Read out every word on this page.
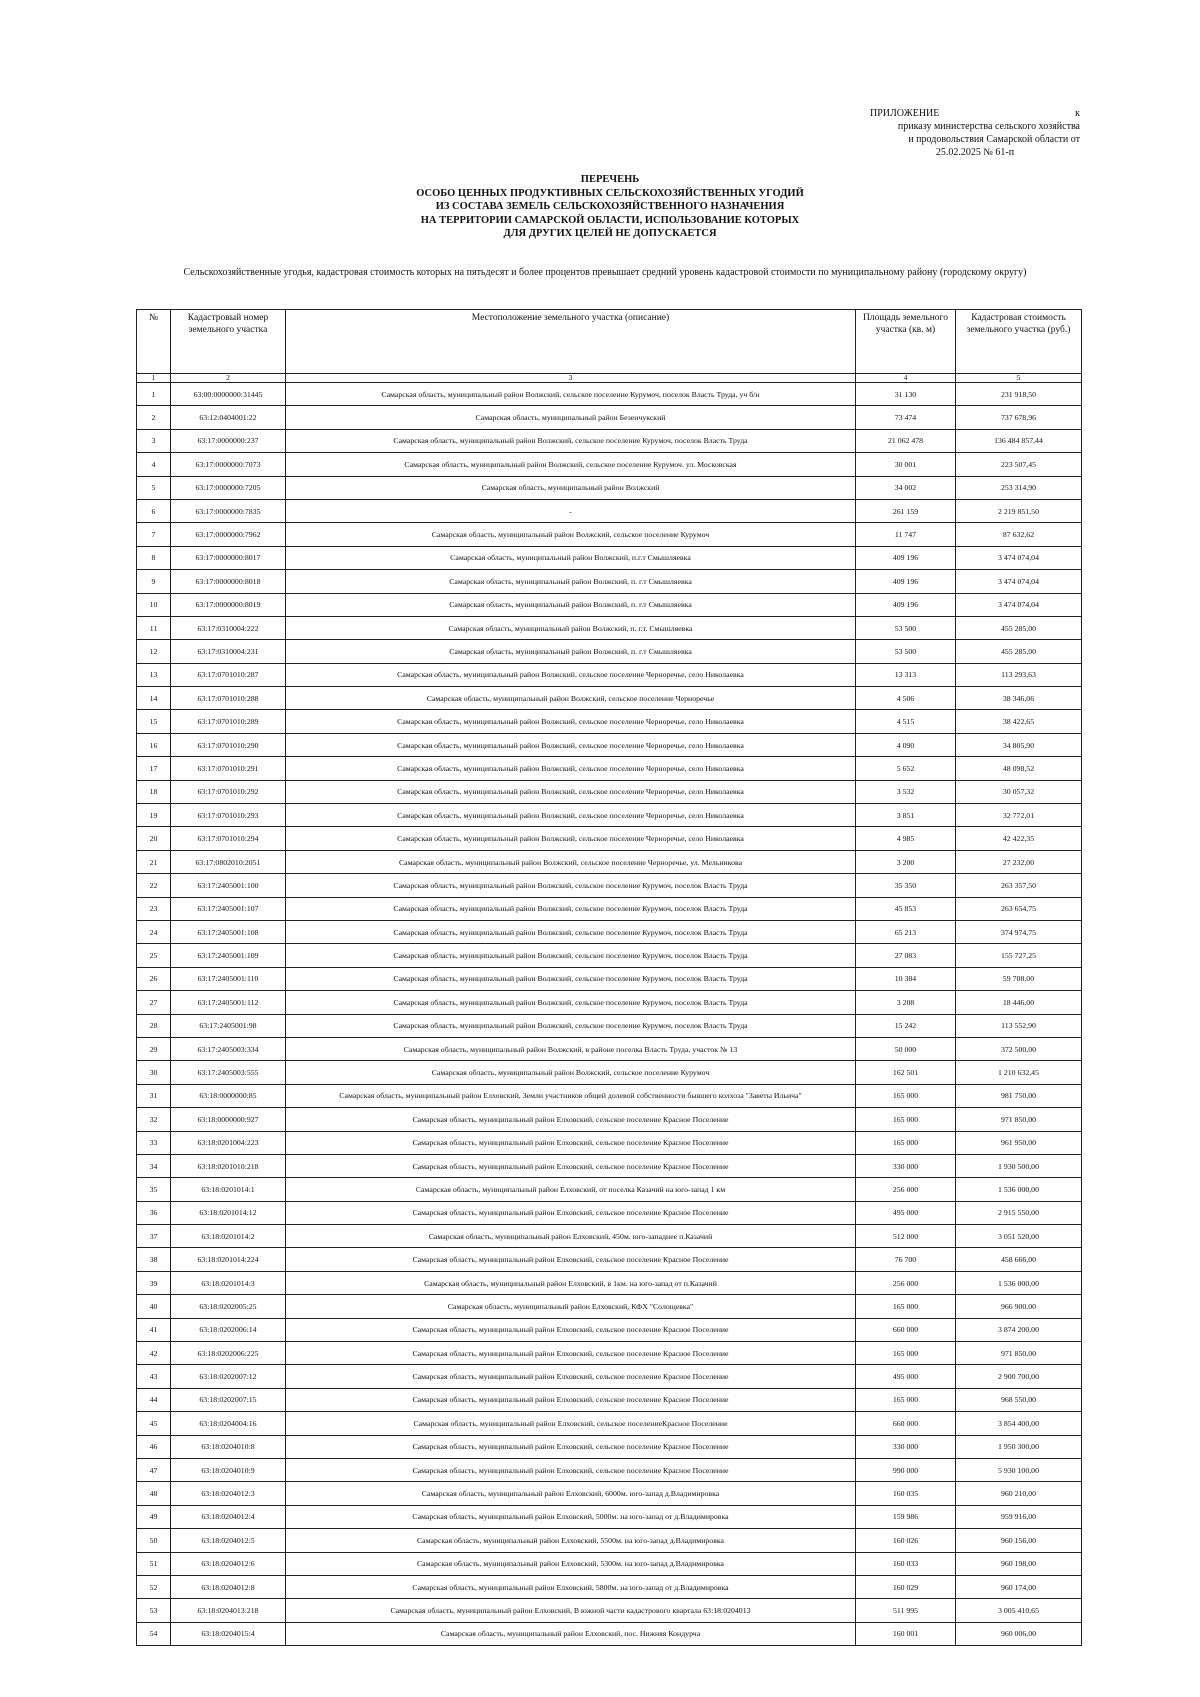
ПРИЛОЖЕНИЕ	к
приказу министерства сельского хозяйства
и продовольствия Самарской области от
25.02.2025 № 61-п
ПЕРЕЧЕНЬ
ОСОБО ЦЕННЫХ ПРОДУКТИВНЫХ СЕЛЬСКОХОЗЯЙСТВЕННЫХ УГОДИЙ
ИЗ СОСТАВА ЗЕМЕЛЬ СЕЛЬСКОХОЗЯЙСТВЕННОГО НАЗНАЧЕНИЯ
НА ТЕРРИТОРИИ САМАРСКОЙ ОБЛАСТИ, ИСПОЛЬЗОВАНИЕ КОТОРЫХ
ДЛЯ ДРУГИХ ЦЕЛЕЙ НЕ ДОПУСКАЕТСЯ
Сельскохозяйственные угодья, кадастровая стоимость которых на пятьдесят и более процентов превышает средний уровень кадастровой стоимости по муниципальному району (городскому округу)
№	Кадастровый номер земельного участка	Местоположение земельного участка (описание)	Площадь земельного участка (кв. м)	Кадастровая стоимость земельного участка (руб.)
1	2	3	4	5
1	63:00:0000000:31445	Самарская область, муниципальный район Волжский, сельское поселение Курумоч, поселок Власть Труда, уч б/н	31 130	231 918,50
2	63:12:0404001:22	Самарская область, муниципальный район Безенчукский	73 474	737 678,96
3	63:17:0000000:237	Самарская область, муниципальный район Волжский, сельское поселение Курумоч, поселок Власть Труда	21 062 478	136 484 857,44
4	63:17:0000000:7073	Самарская область, муниципальный район Волжский, сельское поселение Курумоч. ул. Московская	30 001	223 507,45
5	63:17:0000000:7205	Самарская область, муниципальный район Волжский	34 002	253 314,90
6	63:17:0000000:7835	-	261 159	2 219 851,50
7	63:17:0000000:7962	Самарская область, муниципальный район Волжский, сельское поселение Курумоч	11 747	87 632,62
8	63:17:0000000:8017	Самарская область, муниципальный район Волжский, п.г.т Смышляевка	409 196	3 474 074,04
9	63:17:0000000:8018	Самарская область, муниципальный район Волжский, п. г.т Смышляевка	409 196	3 474 074,04
10	63:17:0000000:8019	Самарская область, муниципальный район Волжский, п. г.т Смышляевка	409 196	3 474 074,04
11	63:17:0310004:222	Самарская область, муниципальный район Волжский, п. г.т. Смышляевка	53 500	455 285,00
12	63:17:0310004:231	Самарская область, муниципальный район Волжский, п. г.т Смышляевка	53 500	455 285,00
13	63:17:0701010:287	Самарская область, муниципальный район Волжский, сельское поселение Черноречье, село Николаевка	13 313	113 293,63
14	63:17:0701010:288	Самарская область, муниципальный район Волжский, сельское поселение Черноречье	4 506	38 346,06
15	63:17:0701010:289	Самарская область, муниципальный район Волжский, сельское поселение Черноречье, село Николаевка	4 515	38 422,65
16	63:17:0701010:290	Самарская область, муниципальный район Волжский, сельское поселение Черноречье, село Николаевка	4 090	34 805,90
17	63:17:0701010:291	Самарская область, муниципальный район Волжский, сельское поселение Черноречье, село Николаевка	5 652	48 098,52
18	63:17:0701010:292	Самарская область, муниципальный район Волжский, сельское поселение Черноречье, село Николаевка	3 532	30 057,32
19	63:17:0701010:293	Самарская область, муниципальный район Волжский, сельское поселение Черноречье, село Николаевка	3 851	32 772,01
20	63:17:0701010:294	Самарская область, муниципальный район Волжский, сельское поселение Черноречье, село Николаевка	4 985	42 422,35
21	63:17:0802010:2051	Самарская область, муниципальный район Волжский, сельское поселение Черноречье, ул. Мельникова	3 200	27 232,00
22	63:17:2405001:100	Самарская область, муниципальный район Волжский, сельское поселение Курумоч, поселок Власть Труда	35 350	263 357,50
23	63:17:2405001:107	Самарская область, муниципальный район Волжский, сельское поселение Курумоч, поселок Власть Труда	45 853	263 654,75
24	63:17:2405001:108	Самарская область, муниципальный район Волжский, сельское поселение Курумоч, поселок Власть Труда	65 213	374 974,75
25	63:17:2405001:109	Самарская область, муниципальный район Волжский, сельское поселение Курумоч, поселок Власть Труда	27 083	155 727,25
26	63:17:2405001:110	Самарская область, муниципальный район Волжский, сельское поселение Курумоч, поселок Власть Труда	10 384	59 708,00
27	63:17:2405001:112	Самарская область, муниципальный район Волжский, сельское поселение Курумоч, поселок Власть Труда	3 208	18 446,00
28	63:17:2405001:98	Самарская область, муниципальный район Волжский, сельское поселение Курумоч, поселок Власть Труда	15 242	113 552,90
29	63:17:2405003:334	Самарская область, муниципальный район Волжский, в районе поселка Власть Труда, участок № 13	50 000	372 500,00
30	63:17:2405003:555	Самарская область, муниципальный район Волжский, сельское поселение Курумоч	162 501	1 210 632,45
31	63:18:0000000:85	Самарская область, муниципальный район Елховский, Земли участников общей долевой собственности бывшего колхоза "Заветы Ильича"	165 000	981 750,00
32	63:18:0000000:927	Самарская область, муниципальный район Елховский, сельское поселение Красное Поселение	165 000	971 850,00
33	63:18:0201004:223	Самарская область, муниципальный район Елховский, сельское поселение Красное Поселение	165 000	961 950,00
34	63:18:0201010:218	Самарская область, муниципальный район Елховский, сельское поселение Красное Поселение	330 000	1 930 500,00
35	63:18:0201014:1	Самарская область, муниципальный район Елховский, от поселка Казачий на юго-запад 1 км	256 000	1 536 000,00
36	63:18:0201014:12	Самарская область, муниципальный район Елховский, сельское поселение Красное Поселение	495 000	2 915 550,00
37	63:18:0201014:2	Самарская область, муниципальный район Елховский, 450м. юго-западнее п.Казачий	512 000	3 051 520,00
38	63:18:0201014:224	Самарская область, муниципальный район Елховский, сельское поселение Красное Поселение	76 700	458 666,00
39	63:18:0201014:3	Самарская область, муниципальный район Елховский, в 1км. на юго-запад от п.Казачий	256 000	1 536 000,00
40	63:18:0202005:25	Самарская область, муниципальный район Елховский, КФХ "Солощевка"	165 000	966 900,00
41	63:18:0202006:14	Самарская область, муниципальный район Елховский, сельское поселение Красное Поселение	660 000	3 874 200,00
42	63:18:0202006:225	Самарская область, муниципальный район Елховский, сельское поселение Красное Поселение	165 000	971 850,00
43	63:18:0202007:12	Самарская область, муниципальный район Елховский, сельское поселение Красное Поселение	495 000	2 900 700,00
44	63:18:0202007:15	Самарская область, муниципальный район Елховский, сельское поселение Красное Поселение	165 000	968 550,00
45	63:18:0204004:16	Самарская область, муниципальный район Елховский, сельское поселениеКрасное Поселение	660 000	3 854 400,00
46	63:18:0204010:8	Самарская область, муниципальный район Елховский, сельское поселение Красное Поселение	330 000	1 950 300,00
47	63:18:0204010:9	Самарская область, муниципальный район Елховский, сельское поселение Красное Поселение	990 000	5 930 100,00
48	63:18:0204012:3	Самарская область, муниципальный район Елховский, 6000м. юго-запад д.Владимировка	160 035	960 210,00
49	63:18:0204012:4	Самарская область, муниципальный район Елховский, 5000м. на юго-запад от д.Владимировка	159 986	959 916,00
50	63:18:0204012:5	Самарская область, муниципальный район Елховский, 5500м. на юго-запад д.Владимировка	160 026	960 156,00
51	63:18:0204012:6	Самарская область, муниципальный район Елховский, 5300м. на юго-запад д.Владимировка	160 033	960 198,00
52	63:18:0204012:8	Самарская область, муниципальный район Елховский, 5800м. на юго-запад от д.Владимировка	160 029	960 174,00
53	63:18:0204013:218	Самарская область, муниципальный район Елховский, В южной части кадастрового квартала 63:18:0204013	511 995	3 005 410,65
54	63:18:0204015:4	Самарская область, муниципальный район Елховский, пос. Нижняя Кондурча	160 001	960 006,00
